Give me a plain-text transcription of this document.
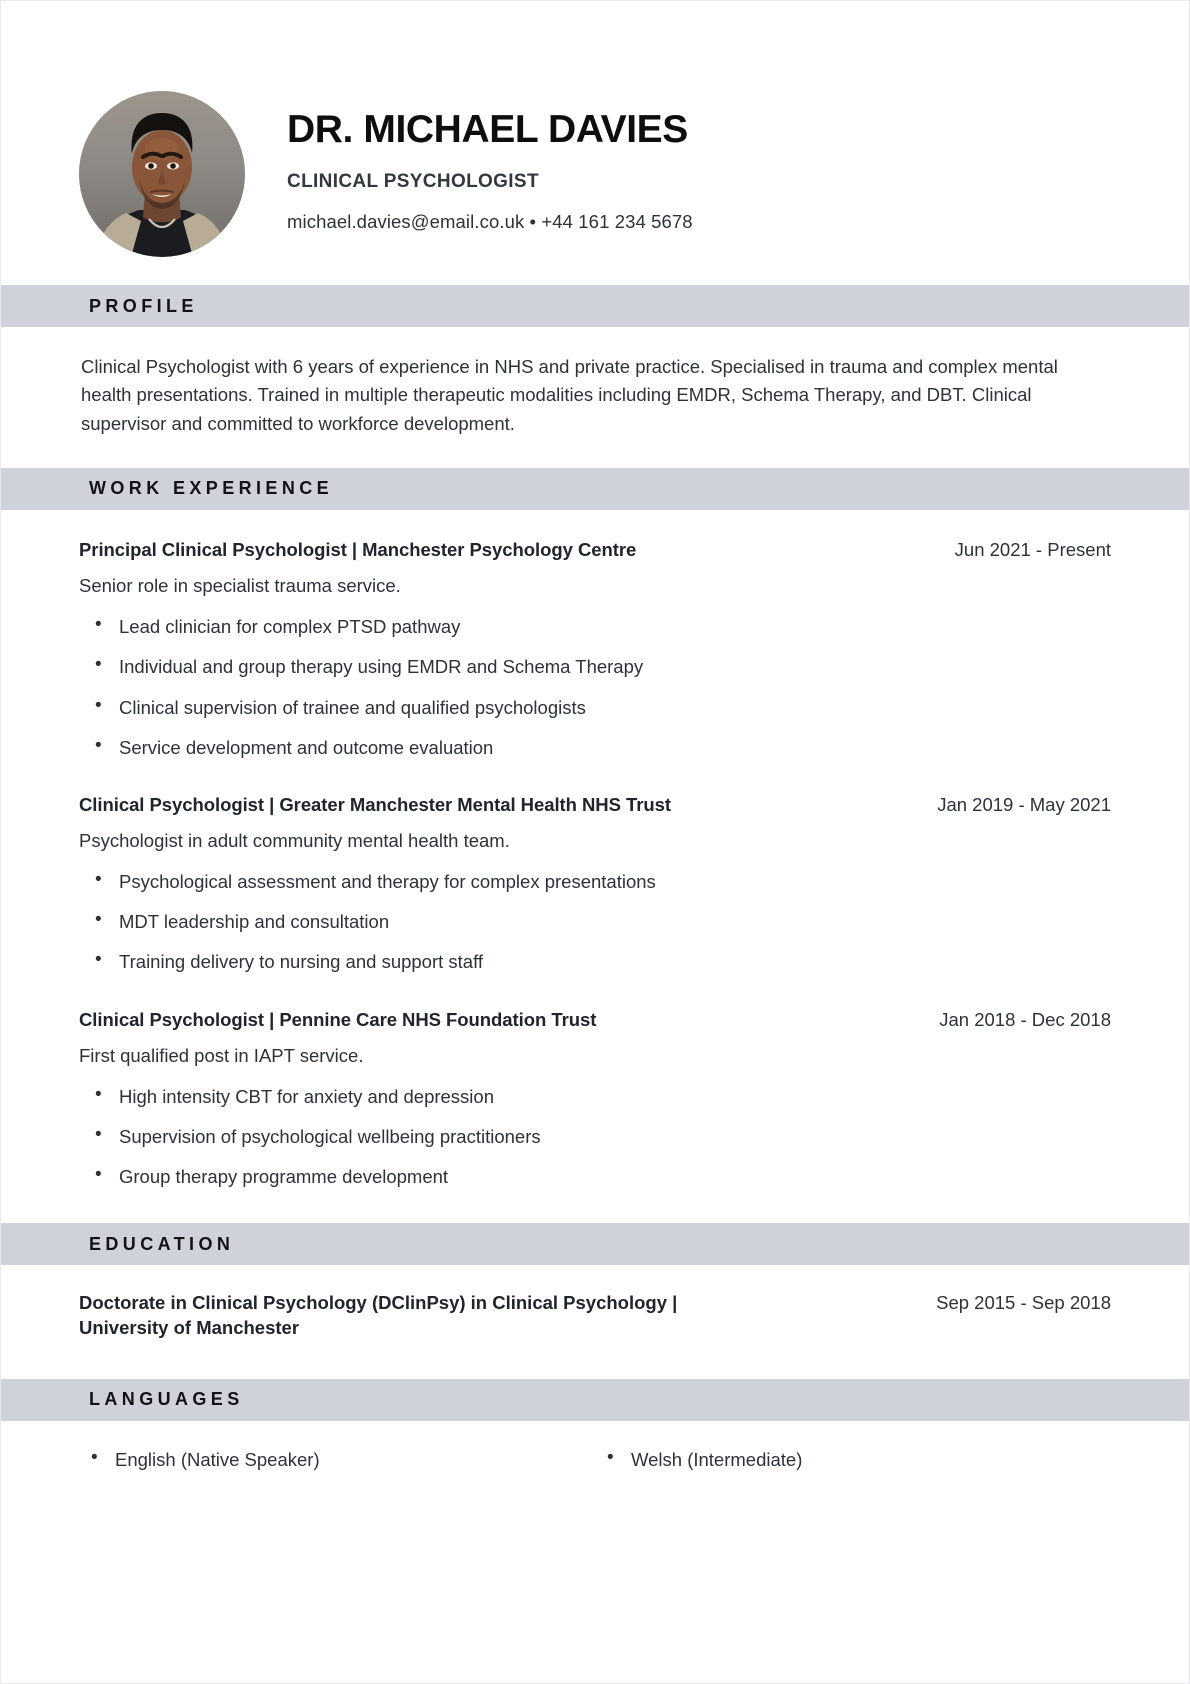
DR. MICHAEL DAVIES
CLINICAL PSYCHOLOGIST
michael.davies@email.co.uk • +44 161 234 5678
PROFILE
Clinical Psychologist with 6 years of experience in NHS and private practice. Specialised in trauma and complex mental health presentations. Trained in multiple therapeutic modalities including EMDR, Schema Therapy, and DBT. Clinical supervisor and committed to workforce development.
WORK EXPERIENCE
Principal Clinical Psychologist | Manchester Psychology Centre	Jun 2021 - Present
Senior role in specialist trauma service.
• Lead clinician for complex PTSD pathway
• Individual and group therapy using EMDR and Schema Therapy
• Clinical supervision of trainee and qualified psychologists
• Service development and outcome evaluation
Clinical Psychologist | Greater Manchester Mental Health NHS Trust	Jan 2019 - May 2021
Psychologist in adult community mental health team.
• Psychological assessment and therapy for complex presentations
• MDT leadership and consultation
• Training delivery to nursing and support staff
Clinical Psychologist | Pennine Care NHS Foundation Trust	Jan 2018 - Dec 2018
First qualified post in IAPT service.
• High intensity CBT for anxiety and depression
• Supervision of psychological wellbeing practitioners
• Group therapy programme development
EDUCATION
Doctorate in Clinical Psychology (DClinPsy) in Clinical Psychology | University of Manchester
Sep 2015 - Sep 2018
LANGUAGES
• English (Native Speaker)	• Welsh (Intermediate)
